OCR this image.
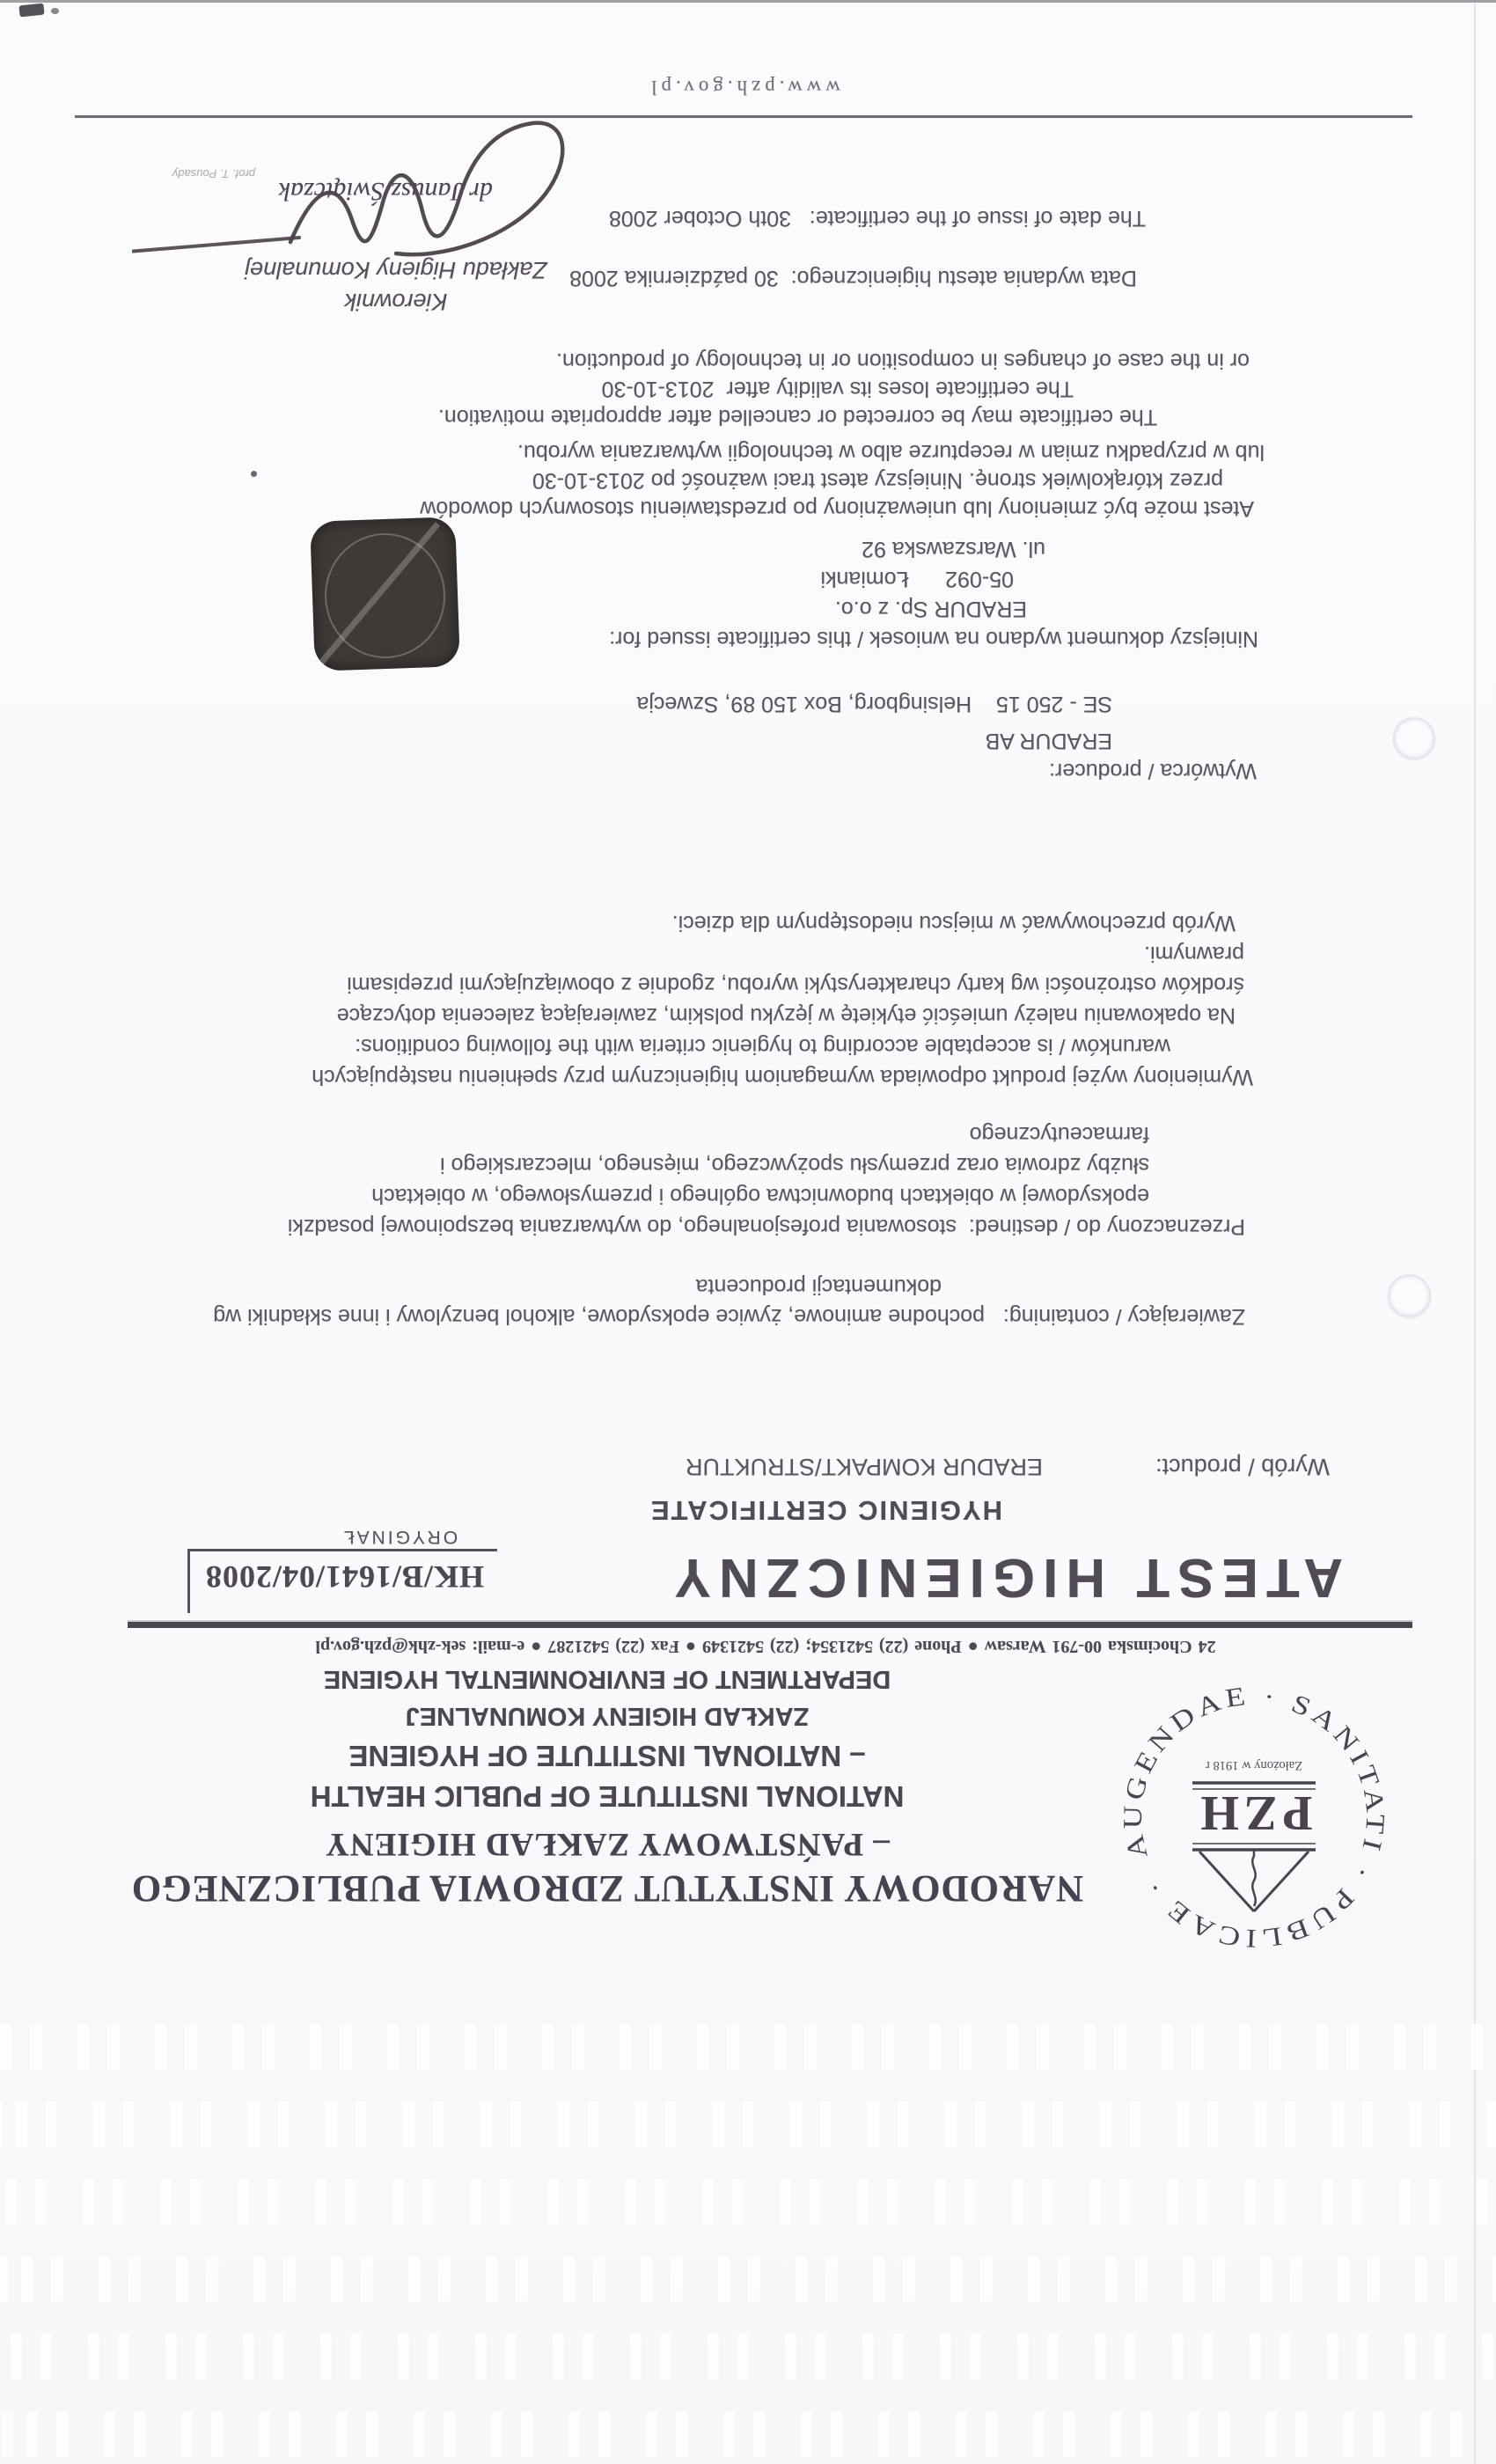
AUGENDAE · SANITATI · PUBLICAE ·
PZH
Założony w 1918 r
NARODOWY INSTYTUT ZDROWIA PUBLICZNEGO
– PAŃSTWOWY ZAKŁAD HIGIENY
NATIONAL INSTITUTE OF PUBLIC HEALTH
– NATIONAL INSTITUTE OF HYGIENE
ZAKŁAD HIGIENY KOMUNALNEJ
DEPARTMENT OF ENVIRONMENTAL HYGIENE
24 Chocimska 00-791 Warsaw ● Phone (22) 5421354; (22) 5421349 ● Fax (22) 5421287 ● e-mail: sek-zhk@pzh.gov.pl
ATEST HIGIENICZNY
HK/B/1641/04/2008
ORYGINAŁ
HYGIENIC CERTIFICATE
Wyrób / product:
ERADUR KOMPAKT/STRUKTUR
Zawierający / containing:   pochodne aminowe, żywice epoksydowe, alkohol benzylowy i inne składniki wg
dokumentacji producenta
Przeznaczony do / destined:  stosowania profesjonalnego, do wytwarzania bezspoinowej posadzki
epoksydowej w obiektach budownictwa ogólnego i przemysłowego, w obiektach
służby zdrowia oraz przemysłu spożywczego, mięsnego, mleczarskiego i
farmaceutycznego
Wymieniony wyżej produkt odpowiada wymaganiom higienicznym przy spełnieniu następujących
warunków / is acceptable according to hygienic criteria with the following conditions:
Na opakowaniu należy umieścić etykietę w języku polskim, zawierającą zalecenia dotyczące
środków ostrożności wg karty charakterystyki wyrobu, zgodnie z obowiązującymi przepisami
prawnymi.
Wyrób przechowywać w miejscu niedostępnym dla dzieci.
Wytwórca / producer:
ERADUR AB
SE - 250 15    Helsingborg, Box 150 89, Szwecja
Niniejszy dokument wydano na wniosek / this certificate issued for:
ERADUR Sp. z o.o.
05-092      Łomianki
ul. Warszawska 92
Atest może być zmieniony lub unieważniony po przedstawieniu stosownych dowodów
przez którąkolwiek stronę. Niniejszy atest traci ważność po 2013-10-30
lub w przypadku zmian w recepturze albo w technologii wytwarzania wyrobu.
The certificate may be corrected or cancelled after appropriate motivation.
The certificate loses its validity after  2013-10-30
or in the case of changes in composition or in technology of production.
Data wydania atestu higienicznego:  30 października 2008
The date of issue of the certificate:   30th October 2008
Kierownik
Zakładu Higieny Komunalnej
dr Janusz Świątczak
prof. T. Pousady
www.pzh.gov.pl
